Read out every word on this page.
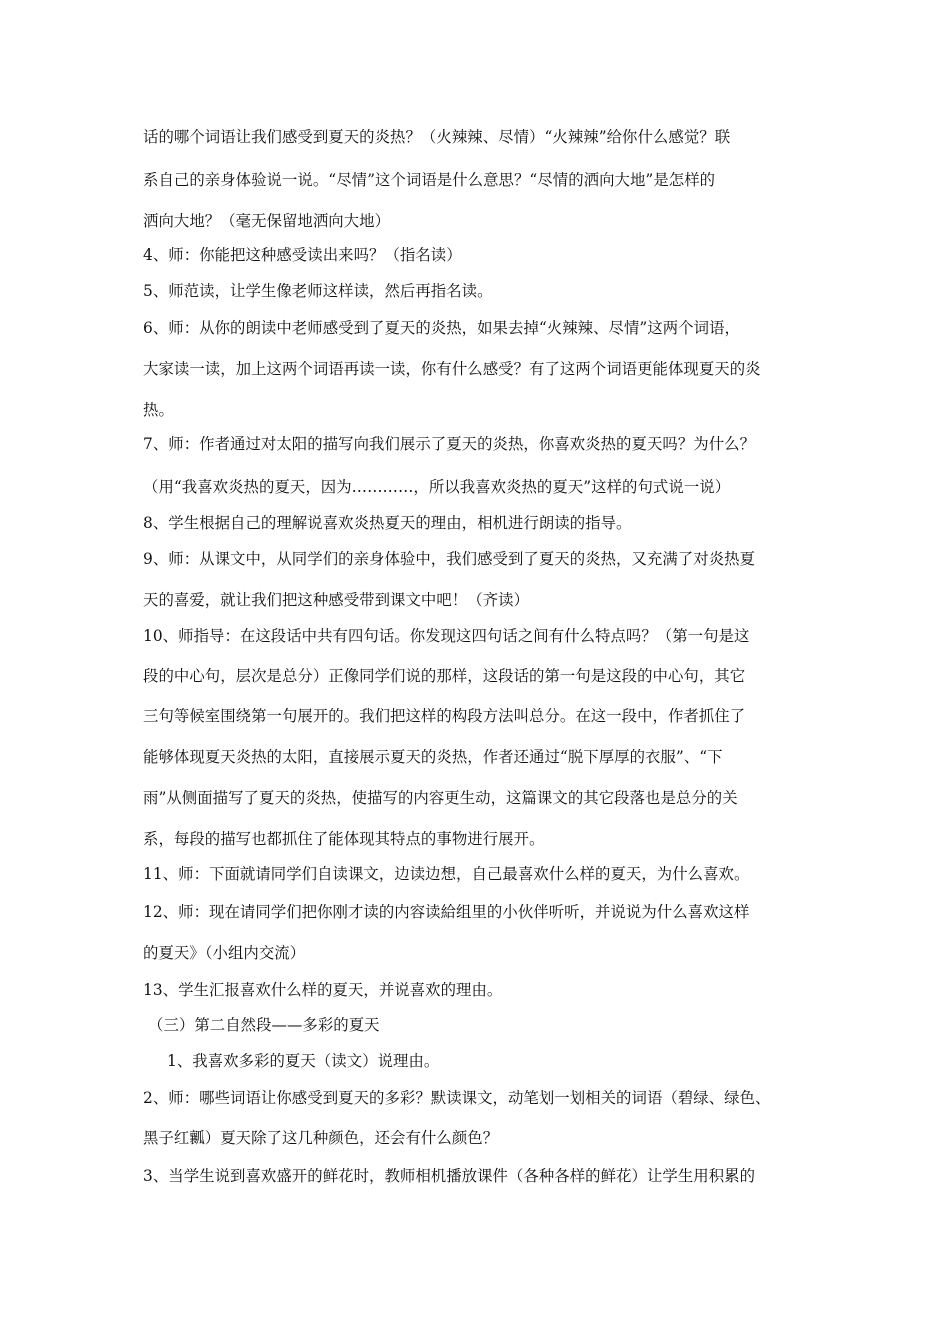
话的哪个词语让我们感受到夏天的炎热？（火辣辣、尽情）“火辣辣”给你什么感觉？联
系自己的亲身体验说一说。“尽情”这个词语是什么意思？“尽情的洒向大地”是怎样的
洒向大地？（毫无保留地洒向大地）
4、师：你能把这种感受读出来吗？（指名读）
5、师范读，让学生像老师这样读，然后再指名读。
6、师：从你的朗读中老师感受到了夏天的炎热，如果去掉“火辣辣、尽情”这两个词语，
大家读一读，加上这两个词语再读一读，你有什么感受？有了这两个词语更能体现夏天的炎
热。
7、师：作者通过对太阳的描写向我们展示了夏天的炎热，你喜欢炎热的夏天吗？为什么？
（用“我喜欢炎热的夏天，因为…………，所以我喜欢炎热的夏天”这样的句式说一说）
8、学生根据自己的理解说喜欢炎热夏天的理由，相机进行朗读的指导。
9、师：从课文中，从同学们的亲身体验中，我们感受到了夏天的炎热，又充满了对炎热夏
天的喜爱，就让我们把这种感受带到课文中吧！（齐读）
10、师指导：在这段话中共有四句话。你发现这四句话之间有什么特点吗？（第一句是这
段的中心句，层次是总分）正像同学们说的那样，这段话的第一句是这段的中心句，其它
三句等候室围绕第一句展开的。我们把这样的构段方法叫总分。在这一段中，作者抓住了
能够体现夏天炎热的太阳，直接展示夏天的炎热，作者还通过“脱下厚厚的衣服”、“下
雨”从侧面描写了夏天的炎热，使描写的内容更生动，这篇课文的其它段落也是总分的关
系，每段的描写也都抓住了能体现其特点的事物进行展开。
11、师：下面就请同学们自读课文，边读边想，自己最喜欢什么样的夏天，为什么喜欢。
12、师：现在请同学们把你刚才读的内容读給组里的小伙伴听听，并说说为什么喜欢这样
的夏天》（小组内交流）
13、学生汇报喜欢什么样的夏天，并说喜欢的理由。
（三）第二自然段——多彩的夏天
1、我喜欢多彩的夏天（读文）说理由。
2、师：哪些词语让你感受到夏天的多彩？默读课文，动笔划一划相关的词语（碧绿、绿色、
黑子红瓤）夏天除了这几种颜色，还会有什么颜色？
3、当学生说到喜欢盛开的鲜花时，教师相机播放课件（各种各样的鲜花）让学生用积累的
